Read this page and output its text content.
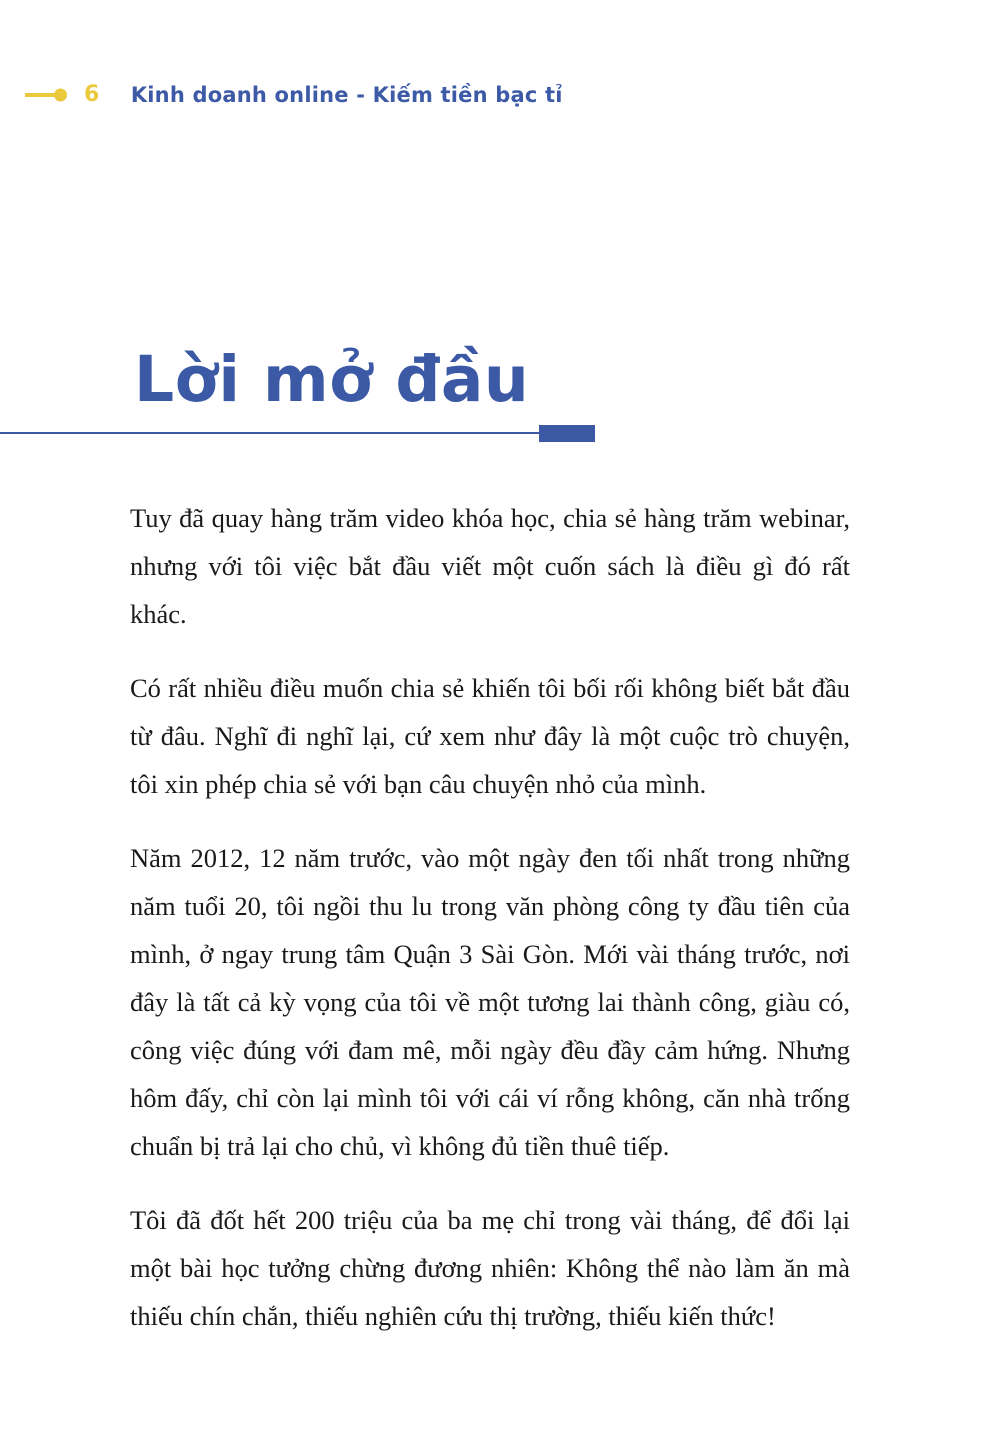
6 Kinh doanh online - Kiếm tiền bạc tỉ
Lời mở đầu

Tuy đã quay hàng trăm video khóa học, chia sẻ hàng trăm webinar, nhưng với tôi việc bắt đầu viết một cuốn sách là điều gì đó rất khác.

Có rất nhiều điều muốn chia sẻ khiến tôi bối rối không biết bắt đầu từ đâu. Nghĩ đi nghĩ lại, cứ xem như đây là một cuộc trò chuyện, tôi xin phép chia sẻ với bạn câu chuyện nhỏ của mình.

Năm 2012, 12 năm trước, vào một ngày đen tối nhất trong những năm tuổi 20, tôi ngồi thu lu trong văn phòng công ty đầu tiên của mình, ở ngay trung tâm Quận 3 Sài Gòn. Mới vài tháng trước, nơi đây là tất cả kỳ vọng của tôi về một tương lai thành công, giàu có, công việc đúng với đam mê, mỗi ngày đều đầy cảm hứng. Nhưng hôm đấy, chỉ còn lại mình tôi với cái ví rỗng không, căn nhà trống chuẩn bị trả lại cho chủ, vì không đủ tiền thuê tiếp.

Tôi đã đốt hết 200 triệu của ba mẹ chỉ trong vài tháng, để đổi lại một bài học tưởng chừng đương nhiên: Không thể nào làm ăn mà thiếu chín chắn, thiếu nghiên cứu thị trường, thiếu kiến thức!
